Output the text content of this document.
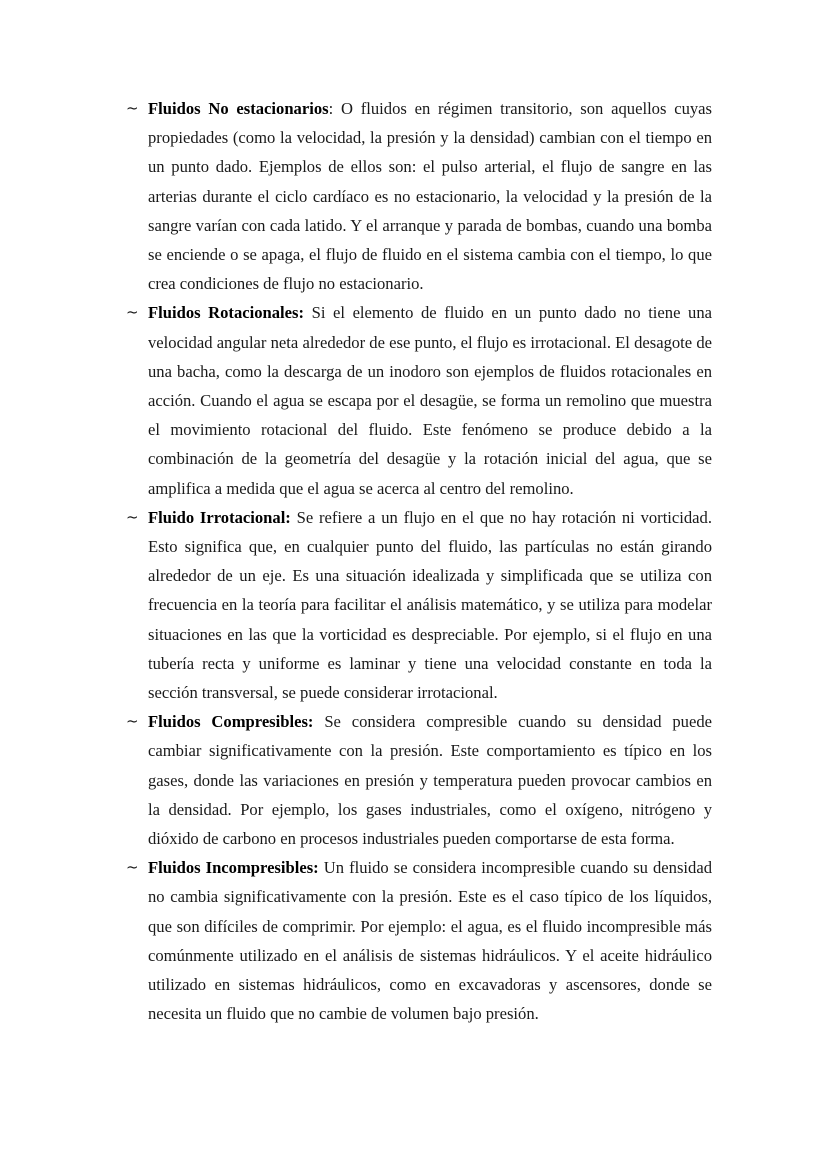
~ Fluidos No estacionarios: O fluidos en régimen transitorio, son aquellos cuyas propiedades (como la velocidad, la presión y la densidad) cambian con el tiempo en un punto dado. Ejemplos de ellos son: el pulso arterial, el flujo de sangre en las arterias durante el ciclo cardíaco es no estacionario, la velocidad y la presión de la sangre varían con cada latido. Y el arranque y parada de bombas, cuando una bomba se enciende o se apaga, el flujo de fluido en el sistema cambia con el tiempo, lo que crea condiciones de flujo no estacionario.
~ Fluidos Rotacionales: Si el elemento de fluido en un punto dado no tiene una velocidad angular neta alrededor de ese punto, el flujo es irrotacional. El desagote de una bacha, como la descarga de un inodoro son ejemplos de fluidos rotacionales en acción. Cuando el agua se escapa por el desagüe, se forma un remolino que muestra el movimiento rotacional del fluido. Este fenómeno se produce debido a la combinación de la geometría del desagüe y la rotación inicial del agua, que se amplifica a medida que el agua se acerca al centro del remolino.
~ Fluido Irrotacional: Se refiere a un flujo en el que no hay rotación ni vorticidad. Esto significa que, en cualquier punto del fluido, las partículas no están girando alrededor de un eje. Es una situación idealizada y simplificada que se utiliza con frecuencia en la teoría para facilitar el análisis matemático, y se utiliza para modelar situaciones en las que la vorticidad es despreciable. Por ejemplo, si el flujo en una tubería recta y uniforme es laminar y tiene una velocidad constante en toda la sección transversal, se puede considerar irrotacional.
~ Fluidos Compresibles: Se considera compresible cuando su densidad puede cambiar significativamente con la presión. Este comportamiento es típico en los gases, donde las variaciones en presión y temperatura pueden provocar cambios en la densidad. Por ejemplo, los gases industriales, como el oxígeno, nitrógeno y dióxido de carbono en procesos industriales pueden comportarse de esta forma.
~ Fluidos Incompresibles: Un fluido se considera incompresible cuando su densidad no cambia significativamente con la presión. Este es el caso típico de los líquidos, que son difíciles de comprimir. Por ejemplo: el agua, es el fluido incompresible más comúnmente utilizado en el análisis de sistemas hidráulicos. Y el aceite hidráulico utilizado en sistemas hidráulicos, como en excavadoras y ascensores, donde se necesita un fluido que no cambie de volumen bajo presión.
